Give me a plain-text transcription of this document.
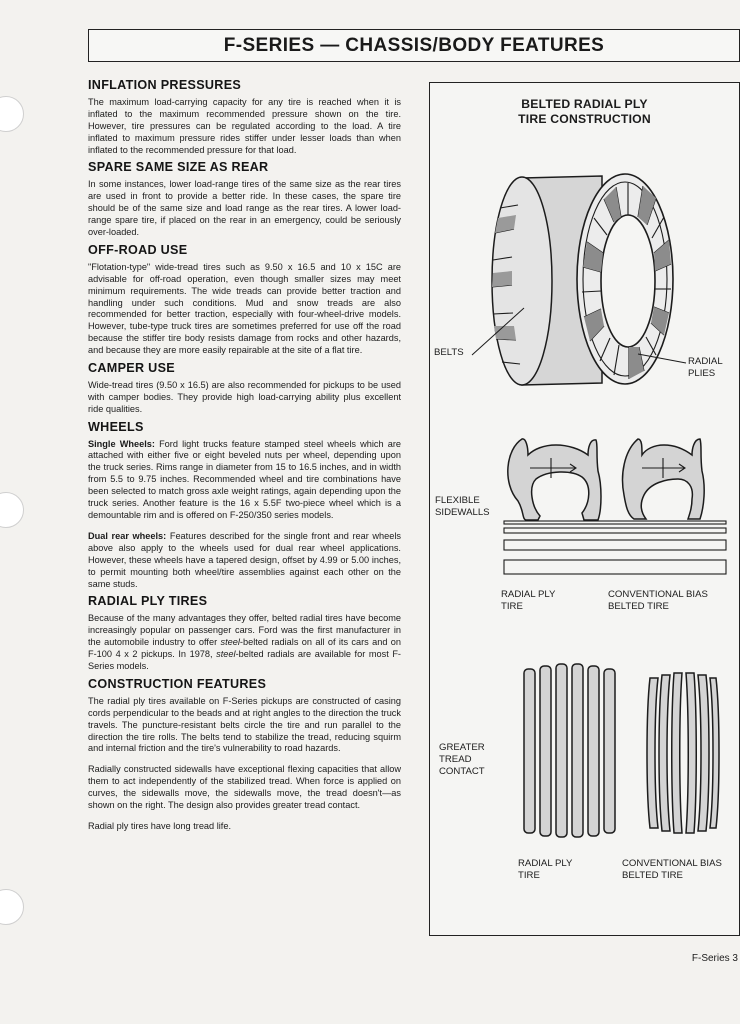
F-SERIES — CHASSIS/BODY FEATURES
INFLATION PRESSURES

The maximum load-carrying capacity for any tire is reached when it is inflated to the maximum recommended pressure shown on the tire. However, tire pressures can be regulated according to the load. A tire inflated to maximum pressure rides stiffer under lesser loads than when inflated to the recommended pressure for that load.

SPARE SAME SIZE AS REAR

In some instances, lower load-range tires of the same size as the rear tires are used in front to provide a better ride. In these cases, the spare tire should be of the same size and load range as the rear tires. A lower load-range spare tire, if placed on the rear in an emergency, could be seriously over-loaded.

OFF-ROAD USE

"Flotation-type" wide-tread tires such as 9.50 x 16.5 and 10 x 15C are advisable for off-road operation, even though smaller sizes may meet minimum requirements. The wide treads can provide better traction and handling under such conditions. Mud and snow treads are also recommended for better traction, especially with four-wheel-drive models. However, tube-type truck tires are sometimes preferred for use off the road because the stiffer tire body resists damage from rocks and other hazards, and because they are more easily repairable at the site of a flat tire.

CAMPER USE

Wide-tread tires (9.50 x 16.5) are also recommended for pickups to be used with camper bodies. They provide high load-carrying ability plus excellent ride qualities.

WHEELS

Single Wheels: Ford light trucks feature stamped steel wheels which are attached with either five or eight beveled nuts per wheel, depending upon the truck series. Rims range in diameter from 15 to 16.5 inches, and in width from 5.5 to 9.75 inches. Recommended wheel and tire combinations have been selected to match gross axle weight ratings, again depending upon the truck series. Another feature is the 16 x 5.5F two-piece wheel which is a demountable rim and is offered on F-250/350 series models.

Dual rear wheels: Features described for the single front and rear wheels above also apply to the wheels used for dual rear wheel applications. However, these wheels have a tapered design, offset by 4.99 or 5.00 inches, to permit mounting both wheel/tire assemblies against each other on the same studs.

RADIAL PLY TIRES

Because of the many advantages they offer, belted radial tires have become increasingly popular on passenger cars. Ford was the first manufacturer in the automobile industry to offer steel-belted radials on all of its cars and on F-100 4 x 2 pickups. In 1978, steel-belted radials are available for most F-Series models.

CONSTRUCTION FEATURES

The radial ply tires available on F-Series pickups are constructed of casing cords perpendicular to the beads and at right angles to the direction the truck travels. The puncture-resistant belts circle the tire and run parallel to the direction the tire rolls. The belts tend to stabilize the tread, reducing squirm and internal friction and the tire's vulnerability to road hazards.

Radially constructed sidewalls have exceptional flexing capacities that allow them to act independently of the stabilized tread. When force is applied on curves, the sidewalls move, the sidewalls move, the tread doesn't—as shown on the right. The design also provides greater tread contact.

Radial ply tires have long tread life.

BELTED RADIAL PLY
TIRE CONSTRUCTION
BELTS
RADIAL
PLIES
FLEXIBLE
SIDEWALLS
RADIAL PLY
TIRE
CONVENTIONAL BIAS
BELTED TIRE
GREATER
TREAD
CONTACT
RADIAL PLY
TIRE
CONVENTIONAL BIAS
BELTED TIRE
F-Series 3
